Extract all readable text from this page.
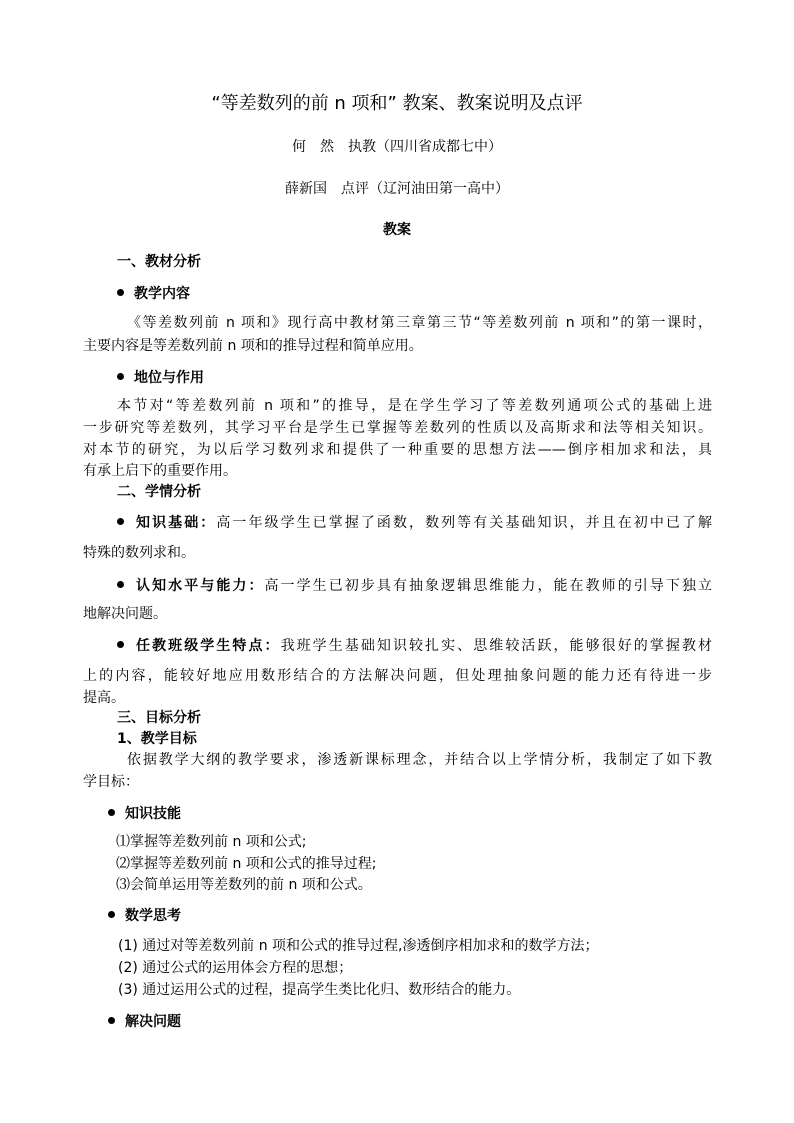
“等差数列的前 n 项和” 教案、教案说明及点评
何　然　执教（四川省成都七中）
薛新国　点评（辽河油田第一高中）
教案
一、教材分析
教学内容
《等差数列前 n 项和》现行高中教材第三章第三节“等差数列前 n 项和”的第一课时，
主要内容是等差数列前 n 项和的推导过程和简单应用。
地位与作用
本节对“等差数列前 n 项和”的推导，是在学生学习了等差数列通项公式的基础上进
一步研究等差数列，其学习平台是学生已掌握等差数列的性质以及高斯求和法等相关知识。
对本节的研究，为以后学习数列求和提供了一种重要的思想方法——倒序相加求和法，具
有承上启下的重要作用。
二、学情分析
知识基础：高一年级学生已掌握了函数，数列等有关基础知识，并且在初中已了解
特殊的数列求和。
认知水平与能力：高一学生已初步具有抽象逻辑思维能力，能在教师的引导下独立
地解决问题。
任教班级学生特点：我班学生基础知识较扎实、思维较活跃，能够很好的掌握教材
上的内容，能较好地应用数形结合的方法解决问题，但处理抽象问题的能力还有待进一步
提高。
三、目标分析
1、教学目标
依据教学大纲的教学要求，渗透新课标理念，并结合以上学情分析，我制定了如下教
学目标：
知识技能
⑴掌握等差数列前 n 项和公式;
⑵掌握等差数列前 n 项和公式的推导过程;
⑶会简单运用等差数列的前 n 项和公式。
数学思考
(1) 通过对等差数列前 n 项和公式的推导过程,渗透倒序相加求和的数学方法；
(2) 通过公式的运用体会方程的思想；
(3) 通过运用公式的过程，提高学生类比化归、数形结合的能力。
解决问题
